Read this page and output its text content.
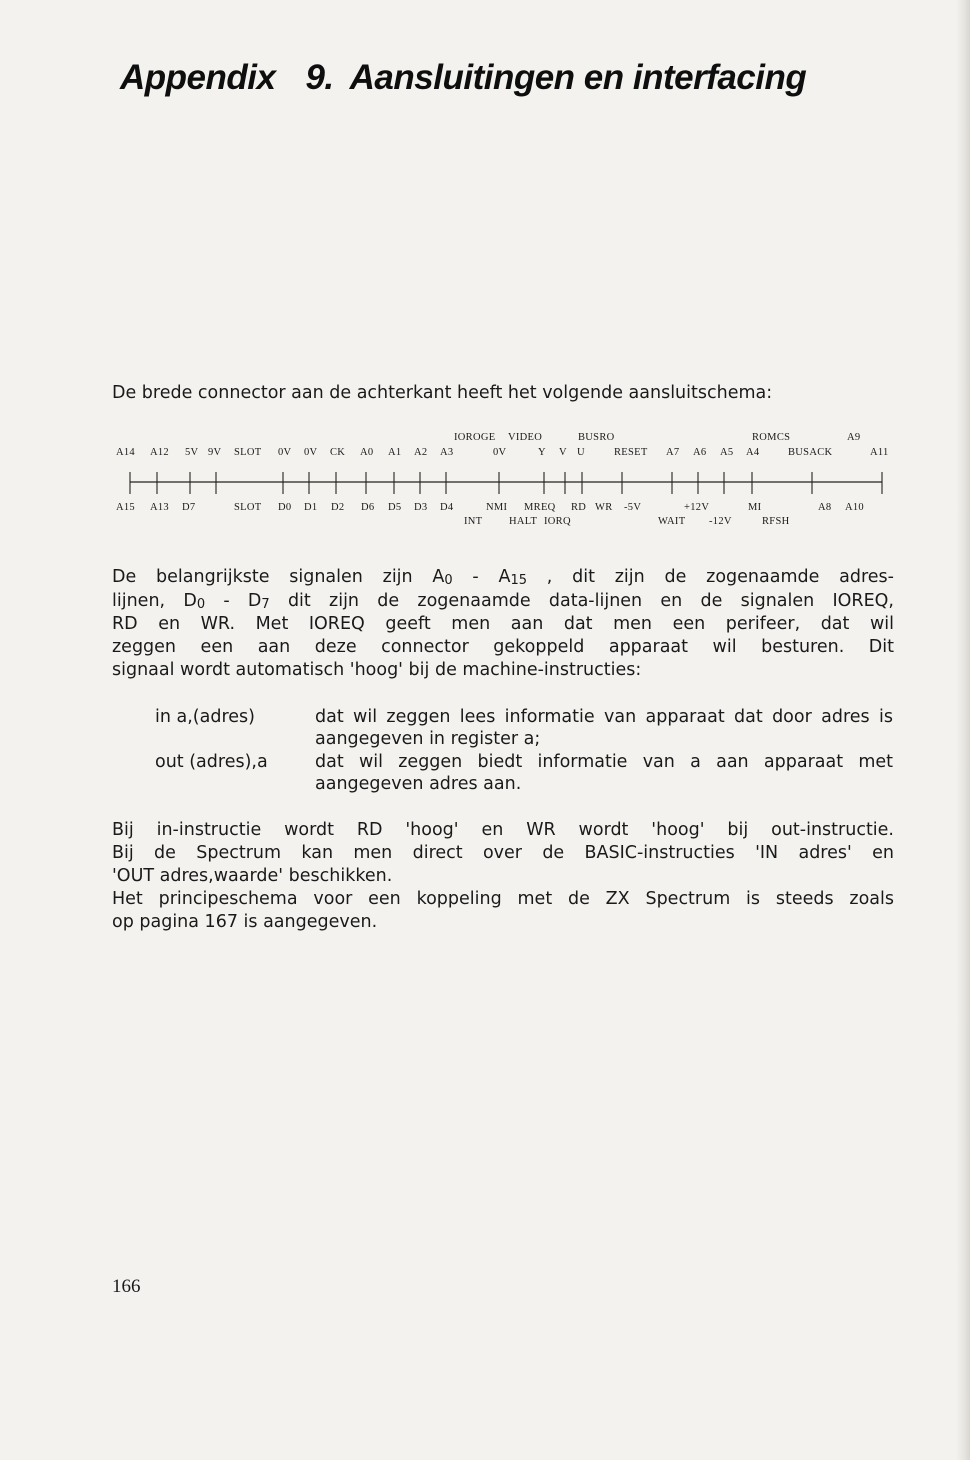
Appendix 9. Aansluitingen en interfacing
De brede connector aan de achterkant heeft het volgende aansluitschema:
IOROGE VIDEO	BUSRO	ROMCS	A9
A14 A12 5V 9V SLOT 0V 0V CK A0 A1 A2 A3	0V	Y V U	RESET A7 A6 A5 A4	BUSACK	A11
A15 A13 D7	SLOT D0 D1 D2 D6 D5 D3 D4	NMI MREQ RD WR -5V	+12V	MI	A8 A10
INT	HALT IORQ	WAIT -12V	RFSH
De belangrijkste signalen zijn A0 - A15 , dit zijn de zogenaamde adres-
lijnen, D0 - D7 dit zijn de zogenaamde data-lijnen en de signalen IOREQ,
RD en WR. Met IOREQ geeft men aan dat men een perifeer, dat wil
zeggen een aan deze connector gekoppeld apparaat wil besturen. Dit
signaal wordt automatisch 'hoog' bij de machine-instructies:
in a,(adres)	dat wil zeggen lees informatie van apparaat dat door adres is aangegeven in register a;
out (adres),a	dat wil zeggen biedt informatie van a aan apparaat met aangegeven adres aan.
Bij in-instructie wordt RD 'hoog' en WR wordt 'hoog' bij out-instructie.
Bij de Spectrum kan men direct over de BASIC-instructies 'IN adres' en
'OUT adres,waarde' beschikken.
Het principeschema voor een koppeling met de ZX Spectrum is steeds zoals
op pagina 167 is aangegeven.
166
